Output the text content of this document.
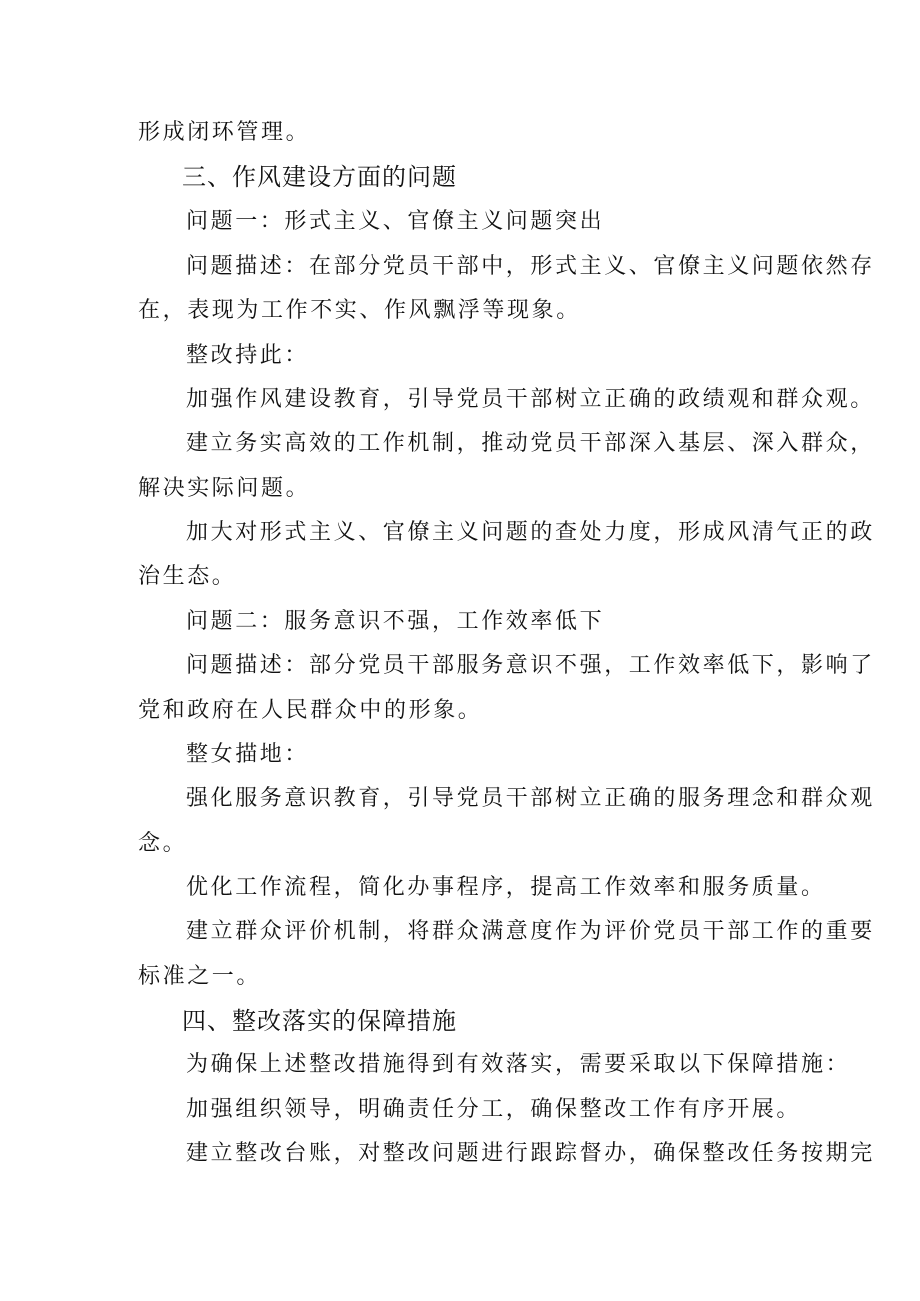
形成闭环管理。
三、作风建设方面的问题
问题一：形式主义、官僚主义问题突出
问题描述：在部分党员干部中，形式主义、官僚主义问题依然存
在，表现为工作不实、作风飘浮等现象。
整改持此：
加强作风建设教育，引导党员干部树立正确的政绩观和群众观。
建立务实高效的工作机制，推动党员干部深入基层、深入群众，
解决实际问题。
加大对形式主义、官僚主义问题的查处力度，形成风清气正的政
治生态。
问题二：服务意识不强，工作效率低下
问题描述：部分党员干部服务意识不强，工作效率低下，影响了
党和政府在人民群众中的形象。
整女描地：
强化服务意识教育，引导党员干部树立正确的服务理念和群众观
念。
优化工作流程，简化办事程序，提高工作效率和服务质量。
建立群众评价机制，将群众满意度作为评价党员干部工作的重要
标准之一。
四、整改落实的保障措施
为确保上述整改措施得到有效落实，需要采取以下保障措施：
加强组织领导，明确责任分工，确保整改工作有序开展。
建立整改台账，对整改问题进行跟踪督办，确保整改任务按期完
